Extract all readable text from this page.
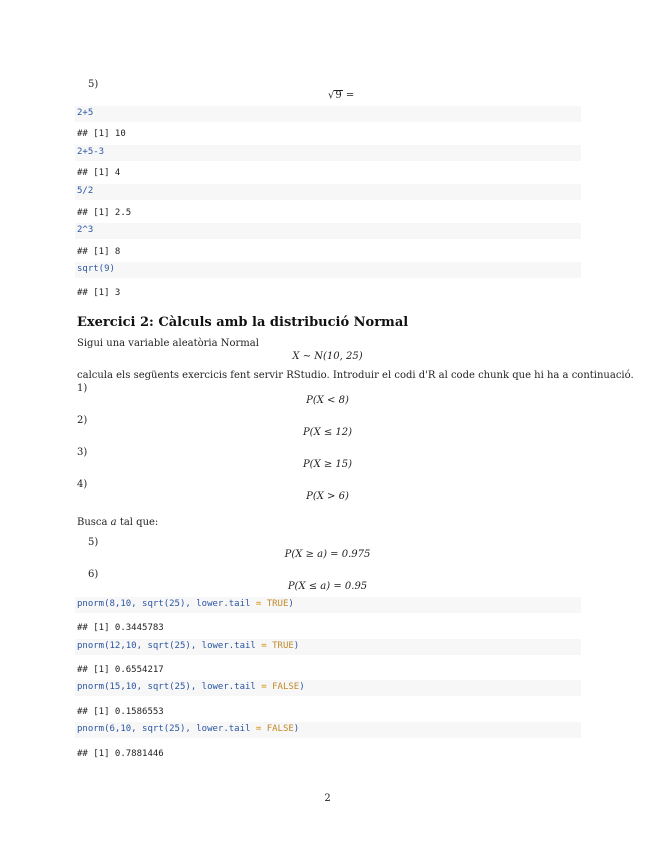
5)
√9 =
2+5
## [1] 10
2+5-3
## [1] 4
5/2
## [1] 2.5
2^3
## [1] 8
sqrt(9)
## [1] 3
Exercici 2: Càlculs amb la distribució Normal
Sigui una variable aleatòria Normal
X ∼ N(10, 25)
calcula els següents exercicis fent servir RStudio. Introduir el codi d'R al code chunk que hi ha a continuació.
1)
P(X < 8)
2)
P(X ≤ 12)
3)
P(X ≥ 15)
4)
P(X > 6)
Busca a tal que:
5)
P(X ≥ a) = 0.975
6)
P(X ≤ a) = 0.95
pnorm(8,10, sqrt(25), lower.tail = TRUE)
## [1] 0.3445783
pnorm(12,10, sqrt(25), lower.tail = TRUE)
## [1] 0.6554217
pnorm(15,10, sqrt(25), lower.tail = FALSE)
## [1] 0.1586553
pnorm(6,10, sqrt(25), lower.tail = FALSE)
## [1] 0.7881446
2
